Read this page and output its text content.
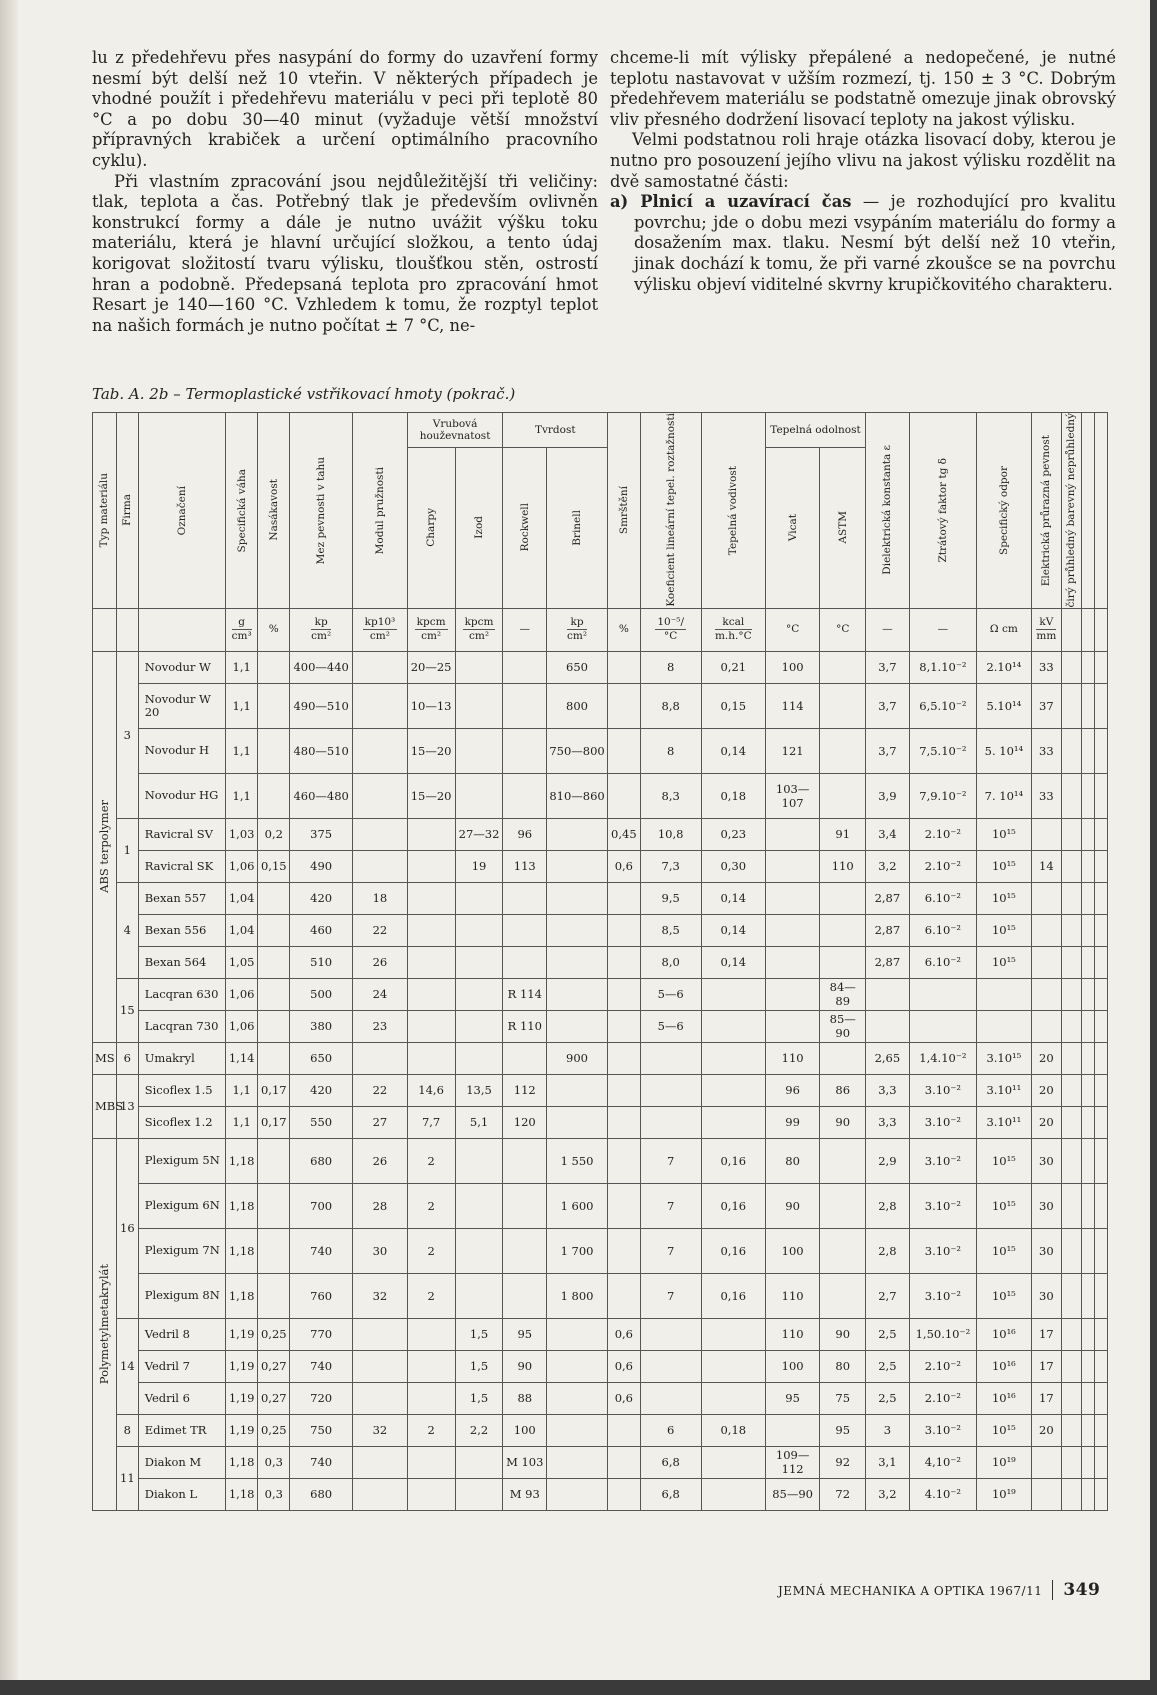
lu z předehřevu přes nasypání do formy do uzavření formy nesmí být delší než 10 vteřin. V některých případech je vhodné použít i předehřevu materiálu v peci při teplotě 80 °C a po dobu 30—40 minut (vyžaduje větší množství přípravných krabiček a určení optimálního pracovního cyklu).

Při vlastním zpracování jsou nejdůležitější tři veličiny: tlak, teplota a čas. Potřebný tlak je především ovlivněn konstrukcí formy a dále je nutno uvážit výšku toku materiálu, která je hlavní určující složkou, a tento údaj korigovat složitostí tvaru výlisku, tloušťkou stěn, ostrostí hran a podobně. Předepsaná teplota pro zpracování hmot Resart je 140—160 °C. Vzhledem k tomu, že rozptyl teplot na našich formách je nutno počítat ± 7 °C, ne-

chceme-li mít výlisky přepálené a nedopečené, je nutné teplotu nastavovat v užším rozmezí, tj. 150 ± 3 °C. Dobrým předehřevem materiálu se podstatně omezuje jinak obrovský vliv přesného dodržení lisovací teploty na jakost výlisku.

Velmi podstatnou roli hraje otázka lisovací doby, kterou je nutno pro posouzení jejího vlivu na jakost výlisku rozdělit na dvě samostatné části:

a) Plnicí a uzavírací čas — je rozhodující pro kvalitu povrchu; jde o dobu mezi vsypáním materiálu do formy a dosažením max. tlaku. Nesmí být delší než 10 vteřin, jinak dochází k tomu, že při varné zkoušce se na povrchu výlisku objeví viditelné skvrny krupičkovitého charakteru.

Tab. A. 2b – Termoplastické vstřikovací hmoty (pokrač.)
Typ materiálu	Firma	Označení	Specifická váha	Nasákavost	Mez pevnosti v tahu	Modul pružnosti	Vrubová houževnatost		Tvrdost		Smrštění	Koeficient lineární tepel. roztažnosti	Tepelná vodivost	Tepelná odolnost		Dielektrická konstanta ε	Ztrátový faktor tg δ	Specifický odpor	Elektrická průrazná pevnost	čirý průhledný barevný neprůhledný		

							Charpy	Izod	Rockwell	Brinell				Vicat	ASTM							

			$\frac{g}{\text{cm³}}$	%	$\frac{kp}{\text{cm²}}$	$\frac{\text{kp10³}}{\text{cm²}}$	$\frac{\text{kpcm}}{\text{cm²}}$	$\frac{\text{kpcm}}{\text{cm²}}$	—	$\frac{kp}{\text{cm²}}$	%	$\frac{\text{10⁻⁵/}}{^\circ C}$	$\frac{\text{kcal}}{m.h.^\circ C}$	°C	°C	—	—	Ω cm	$\frac{kV}{mm}$			

ABS terpolymer	3	Novodur W	1,1		400—440		20—25			650		8	0,21	100		3,7	8,1.10⁻²	2.10¹⁴	33			
		Novodur W 20	1,1		490—510		10—13			800		8,8	0,15	114		3,7	6,5.10⁻²	5.10¹⁴	37			
		Novodur H	1,1		480—510		15—20			750—800		8	0,14	121		3,7	7,5.10⁻²	5. 10¹⁴	33			
		Novodur HG	1,1		460—480		15—20			810—860		8,3	0,18	103—107		3,9	7,9.10⁻²	7. 10¹⁴	33			
	1	Ravicral SV	1,03	0,2	375			27—32	96		0,45	10,8	0,23		91	3,4	2.10⁻²	10¹⁵				
		Ravicral SK	1,06	0,15	490			19	113		0,6	7,3	0,30		110	3,2	2.10⁻²	10¹⁵	14			
	4	Bexan 557	1,04		420	18						9,5	0,14			2,87	6.10⁻²	10¹⁵				
		Bexan 556	1,04		460	22						8,5	0,14			2,87	6.10⁻²	10¹⁵				
		Bexan 564	1,05		510	26						8,0	0,14			2,87	6.10⁻²	10¹⁵				
	15	Lacqran 630	1,06		500	24			R 114			5—6			84—89							
		Lacqran 730	1,06		380	23			R 110			5—6			85—90							

MS	6	Umakryl	1,14		650					900				110		2,65	1,4.10⁻²	3.10¹⁵	20			

MBS	13	Sicoflex 1.5	1,1	0,17	420	22	14,6	13,5	112					96	86	3,3	3.10⁻²	3.10¹¹	20			
		Sicoflex 1.2	1,1	0,17	550	27	7,7	5,1	120					99	90	3,3	3.10⁻²	3.10¹¹	20			

Polymetylmetakrylát	16	Plexigum 5N	1,18		680	26	2			1 550		7	0,16	80		2,9	3.10⁻²	10¹⁵	30			
		Plexigum 6N	1,18		700	28	2			1 600		7	0,16	90		2,8	3.10⁻²	10¹⁵	30			
		Plexigum 7N	1,18		740	30	2			1 700		7	0,16	100		2,8	3.10⁻²	10¹⁵	30			
		Plexigum 8N	1,18		760	32	2			1 800		7	0,16	110		2,7	3.10⁻²	10¹⁵	30			
	14	Vedril 8	1,19	0,25	770			1,5	95		0,6			110	90	2,5	1,50.10⁻²	10¹⁶	17			
		Vedril 7	1,19	0,27	740			1,5	90		0,6			100	80	2,5	2.10⁻²	10¹⁶	17			
		Vedril 6	1,19	0,27	720			1,5	88		0,6			95	75	2,5	2.10⁻²	10¹⁶	17			
	8	Edimet TR	1,19	0,25	750	32	2	2,2	100			6	0,18		95	3	3.10⁻²	10¹⁵	20			
	11	Diakon M	1,18	0,3	740				M 103			6,8		109—112	92	3,1	4,10⁻²	10¹⁹				
		Diakon L	1,18	0,3	680				M 93			6,8		85—90	72	3,2	4.10⁻²	10¹⁹				
JEMNÁ MECHANIKA A OPTIKA 1967/11 349
